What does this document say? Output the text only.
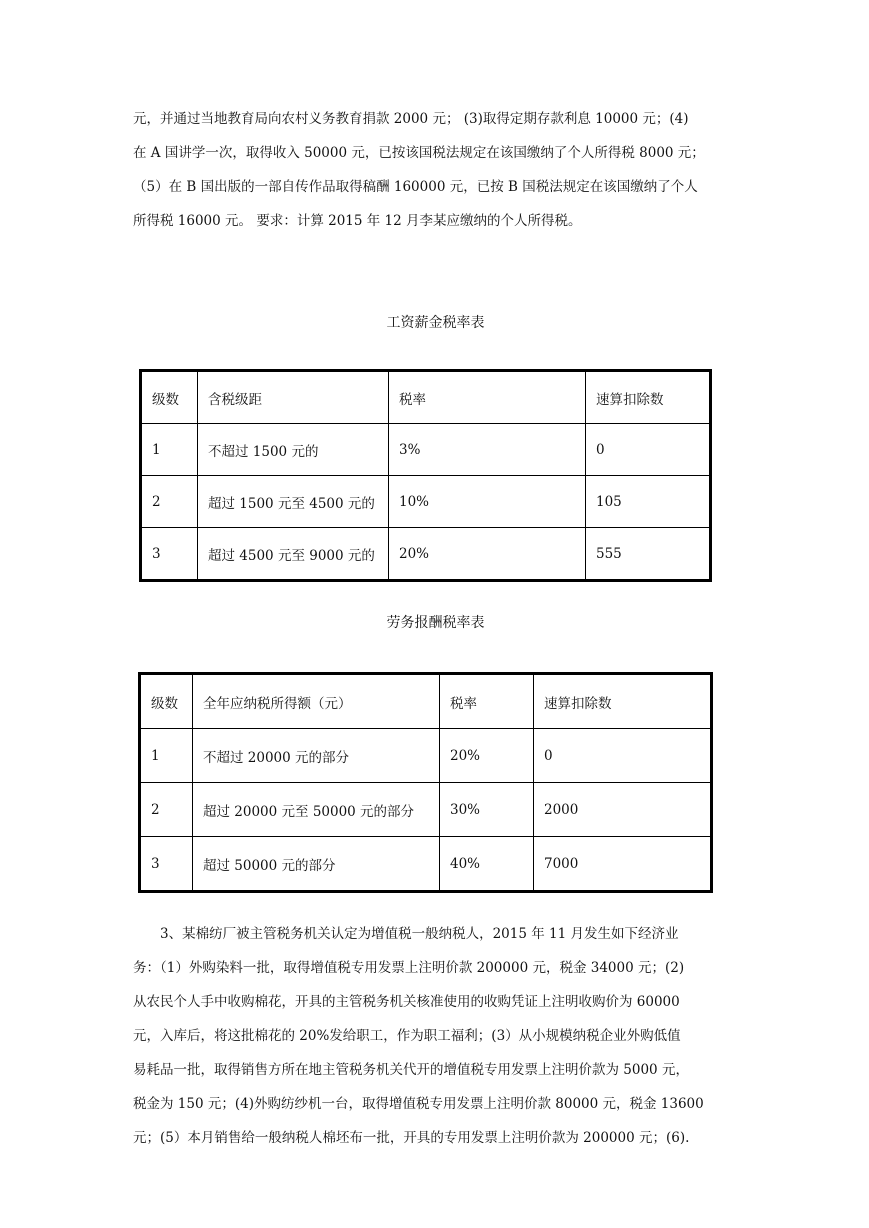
元，并通过当地教育局向农村义务教育捐款 2000 元； (3)取得定期存款利息 10000 元；(4)
在 A 国讲学一次，取得收入 50000 元，已按该国税法规定在该国缴纳了个人所得税 8000 元；
（5）在 B 国出版的一部自传作品取得稿酬 160000 元，已按 B 国税法规定在该国缴纳了个人
所得税 16000 元。 要求：计算 2015 年 12 月李某应缴纳的个人所得税。
工资薪金税率表
级数	含税级距	税率	速算扣除数
1	不超过 1500 元的	3%	0
2	超过 1500 元至 4500 元的	10%	105
3	超过 4500 元至 9000 元的	20%	555
劳务报酬税率表
级数	全年应纳税所得额（元）	税率	速算扣除数
1	不超过 20000 元的部分	20%	0
2	超过 20000 元至 50000 元的部分	30%	2000
3	超过 50000 元的部分	40%	7000
3、某棉纺厂被主管税务机关认定为增值税一般纳税人，2015 年 11 月发生如下经济业
务：（1）外购染料一批，取得增值税专用发票上注明价款 200000 元，税金 34000 元；(2)
从农民个人手中收购棉花，开具的主管税务机关核准使用的收购凭证上注明收购价为 60000
元，入库后，将这批棉花的 20%发给职工，作为职工福利；(3）从小规模纳税企业外购低值
易耗品一批，取得销售方所在地主管税务机关代开的增值税专用发票上注明价款为 5000 元，
税金为 150 元；(4)外购纺纱机一台，取得增值税专用发票上注明价款 80000 元，税金 13600
元；(5）本月销售给一般纳税人棉坯布一批，开具的专用发票上注明价款为 200000 元；(6).
